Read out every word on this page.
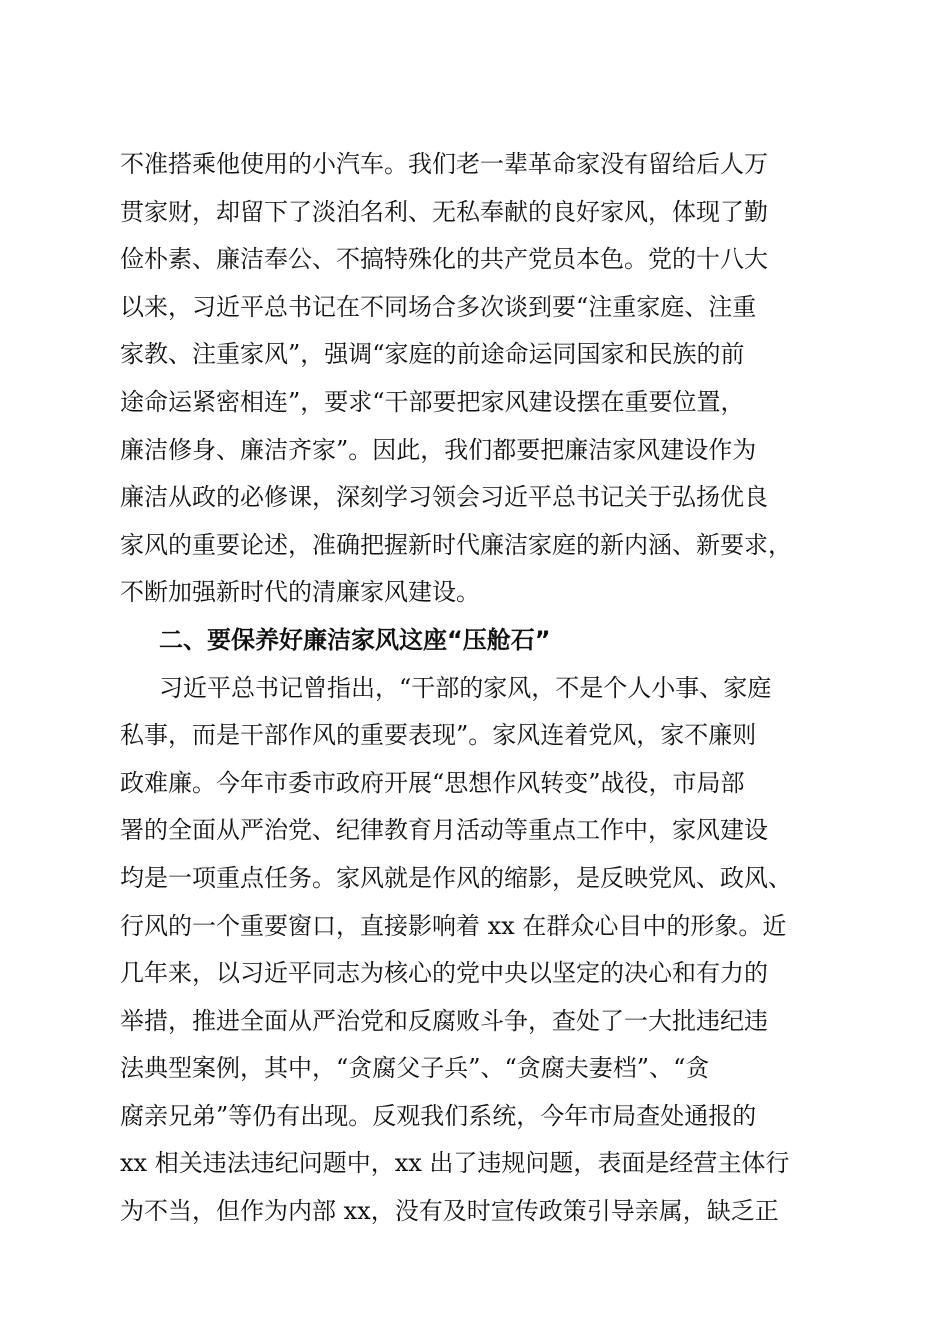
不准搭乘他使用的小汽车。我们老一辈革命家没有留给后人万
贯家财，却留下了淡泊名利、无私奉献的良好家风，体现了勤
俭朴素、廉洁奉公、不搞特殊化的共产党员本色。党的十八大
以来，习近平总书记在不同场合多次谈到要“注重家庭、注重
家教、注重家风”，强调“家庭的前途命运同国家和民族的前
途命运紧密相连”，要求“干部要把家风建设摆在重要位置，
廉洁修身、廉洁齐家”。因此，我们都要把廉洁家风建设作为
廉洁从政的必修课，深刻学习领会习近平总书记关于弘扬优良
家风的重要论述，准确把握新时代廉洁家庭的新内涵、新要求，
不断加强新时代的清廉家风建设。
二、要保养好廉洁家风这座“压舱石”
习近平总书记曾指出，“干部的家风，不是个人小事、家庭
私事，而是干部作风的重要表现”。家风连着党风，家不廉则
政难廉。今年市委市政府开展“思想作风转变”战役，市局部
署的全面从严治党、纪律教育月活动等重点工作中，家风建设
均是一项重点任务。家风就是作风的缩影，是反映党风、政风、
行风的一个重要窗口，直接影响着 xx 在群众心目中的形象。近
几年来，以习近平同志为核心的党中央以坚定的决心和有力的
举措，推进全面从严治党和反腐败斗争，查处了一大批违纪违
法典型案例，其中，“贪腐父子兵”、“贪腐夫妻档”、“贪
腐亲兄弟”等仍有出现。反观我们系统，今年市局查处通报的
xx 相关违法违纪问题中，xx 出了违规问题，表面是经营主体行
为不当，但作为内部 xx，没有及时宣传政策引导亲属，缺乏正
